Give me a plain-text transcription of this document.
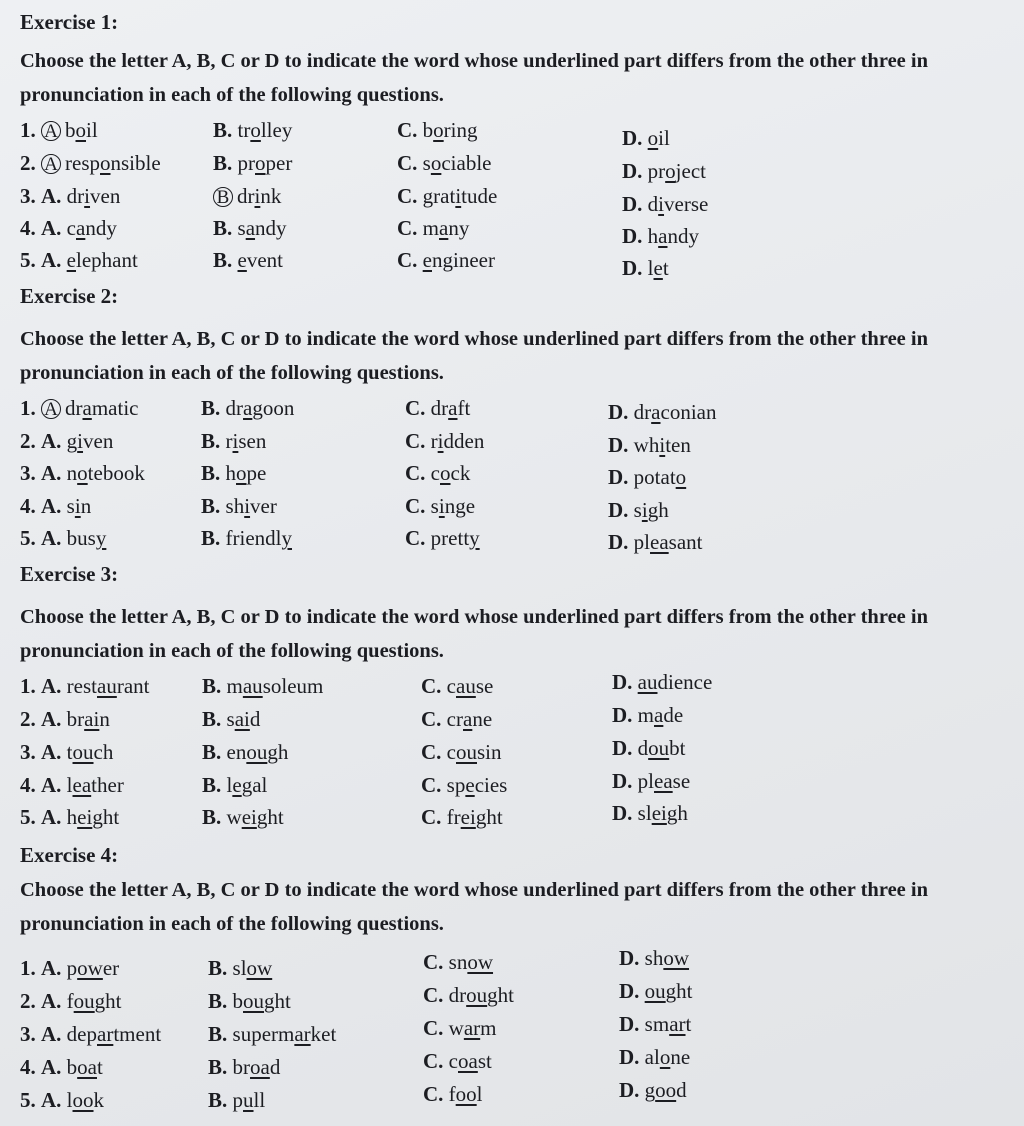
Exercise 1:
Choose the letter A, B, C or D to indicate the word whose underlined part differs from the other three in pronunciation in each of the following questions.
1. A boil	B. trolley	C. boring	D. oil
2. A responsible B. proper	C. sociable	D. project
3. A. driven	B drink	C. gratitude	D. diverse
4. A. candy	B. sandy	C. many	D. handy
5. A. elephant	B. event	C. engineer	D. let
Exercise 2:
Choose the letter A, B, C or D to indicate the word whose underlined part differs from the other three in pronunciation in each of the following questions.
1. A dramatic	B. dragoon	C. draft	D. draconian
2. A. given	B. risen	C. ridden	D. whiten
3. A. notebook	B. hope	C. cock	D. potato
4. A. sin	B. shiver	C. singe	D. sigh
5. A. busy	B. friendly	C. pretty	D. pleasant
Exercise 3:
Choose the letter A, B, C or D to indicate the word whose underlined part differs from the other three in pronunciation in each of the following questions.
1. A. restaurant	B. mausoleum	C. cause	D. audience
2. A. brain	B. said	C. crane	D. made
3. A. touch	B. enough	C. cousin	D. doubt
4. A. leather	B. legal	C. species	D. please
5. A. height	B. weight	C. freight	D. sleigh
Exercise 4:
Choose the letter A, B, C or D to indicate the word whose underlined part differs from the other three in pronunciation in each of the following questions.
1. A. power	B. slow	C. snow	D. show
2. A. fought	B. bought	C. drought	D. ought
3. A. department B. supermarket	C. warm	D. smart
4. A. boat	B. broad	C. coast	D. alone
5. A. look	B. pull	C. fool	D. good
